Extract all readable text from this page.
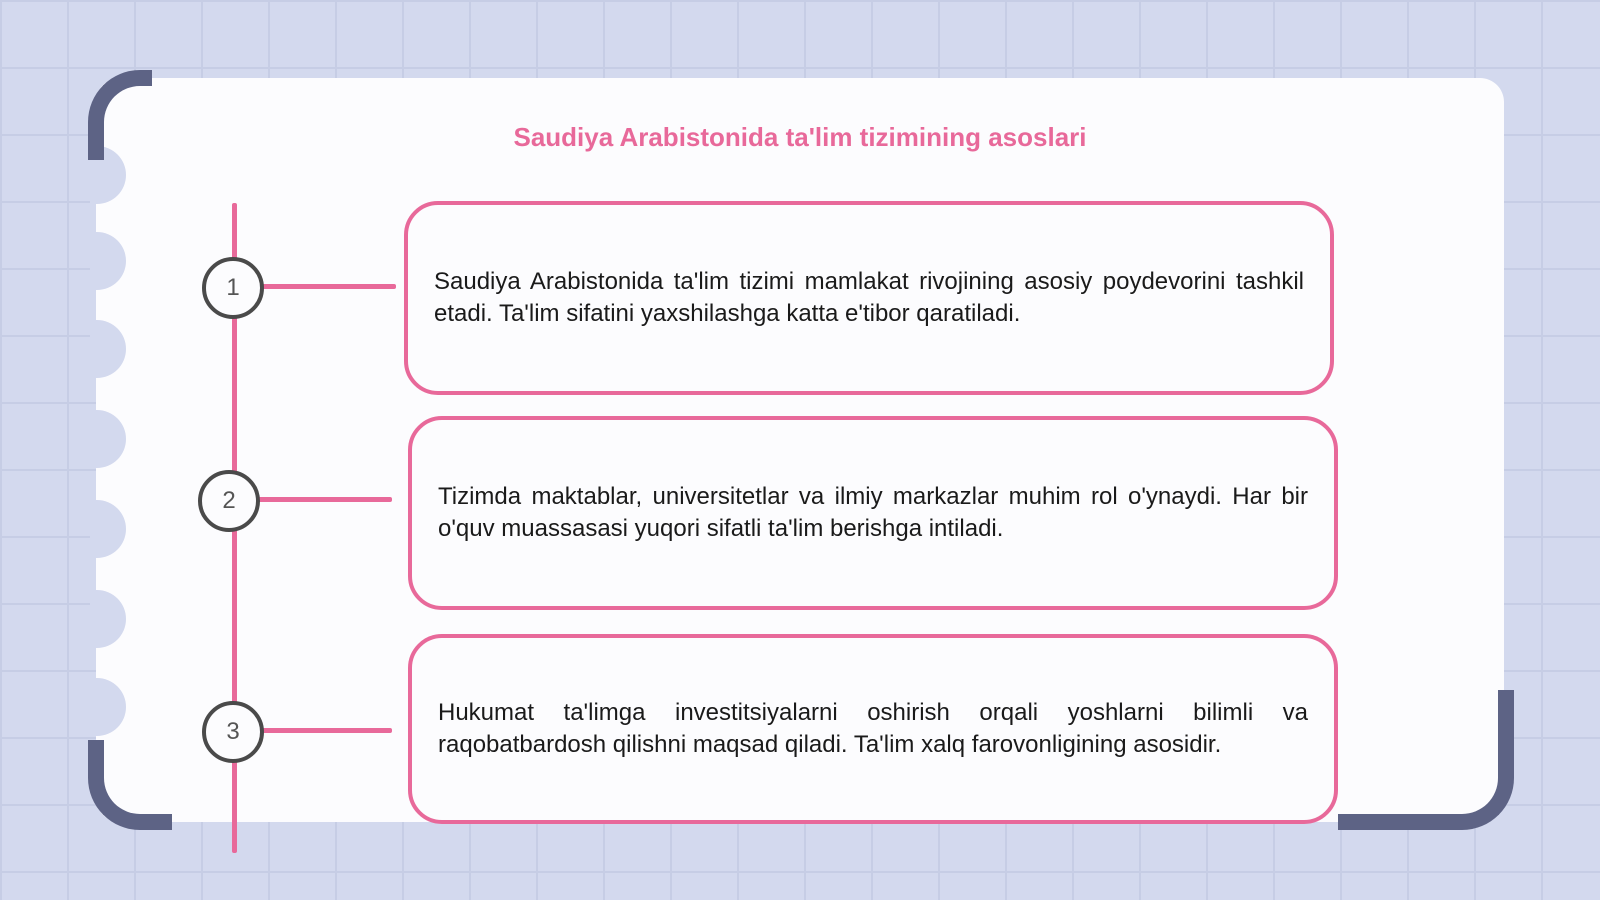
Saudiya Arabistonida ta'lim tizimining asoslari
1
2
3

Saudiya Arabistonida ta'lim tizimi mamlakat rivojining asosiy poydevorini tashkil etadi. Ta'lim sifatini yaxshilashga katta e'tibor qaratiladi.

Tizimda maktablar, universitetlar va ilmiy markazlar muhim rol o'ynaydi. Har bir o'quv muassasasi yuqori sifatli ta'lim berishga intiladi.

Hukumat ta'limga investitsiyalarni oshirish orqali yoshlarni bilimli va raqobatbardosh qilishni maqsad qiladi. Ta'lim xalq farovonligining asosidir.
